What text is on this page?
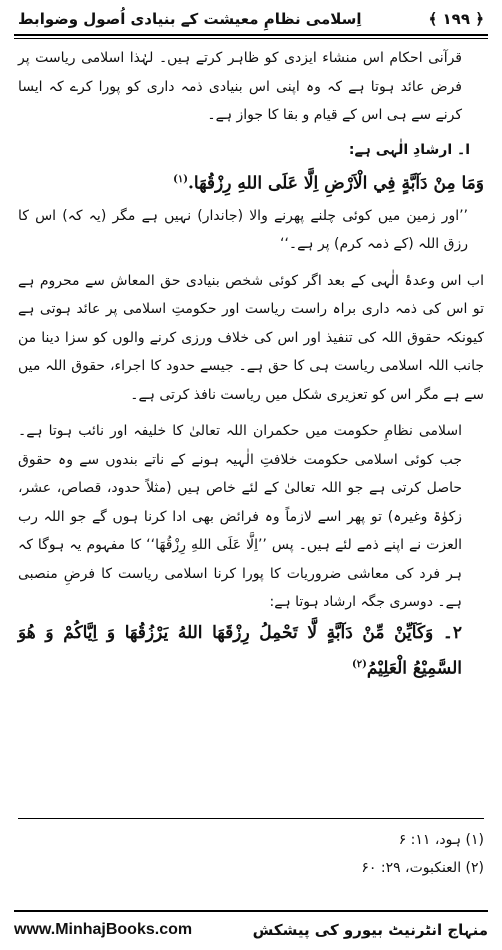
اِسلامی نظامِ معیشت کے بنیادی اُصول وضوابط	﴿ ۱۹۹ ﴾

قرآنی احکام اس منشاء ایزدی کو ظاہر کرتے ہیں۔ لہٰذا اسلامی ریاست پر فرض عائد ہوتا ہے کہ وہ اپنی اس بنیادی ذمہ داری کو پورا کرے کہ ایسا کرنے سے ہی اس کے قیام و بقا کا جواز ہے۔

ا۔ ارشادِ الٰہی ہے:

وَمَا مِنْ دَآبَّةٍ فِي الْاَرْضِ اِلَّا عَلَى اللهِ رِزْقُهَا.$^{(۱)}$

’’اور زمین میں کوئی چلنے پھرنے والا (جاندار) نہیں ہے مگر (یہ کہ) اس کا رزق اللہ (کے ذمہ کرم) پر ہے۔‘‘

اب اس وعدۂ الٰہی کے بعد اگر کوئی شخص بنیادی حق المعاش سے محروم ہے تو اس کی ذمہ داری براہ راست ریاست اور حکومتِ اسلامی پر عائد ہوتی ہے کیونکہ حقوق اللہ کی تنفیذ اور اس کی خلاف ورزی کرنے والوں کو سزا دینا من جانب اللہ اسلامی ریاست ہی کا حق ہے۔ جیسے حدود کا اجراء، حقوق اللہ میں سے ہے مگر اس کو تعزیری شکل میں ریاست نافذ کرتی ہے۔

اسلامی نظامِ حکومت میں حکمران اللہ تعالیٰ کا خلیفہ اور نائب ہوتا ہے۔ جب کوئی اسلامی حکومت خلافتِ الٰہیہ ہونے کے ناتے بندوں سے وہ حقوق حاصل کرتی ہے جو اللہ تعالیٰ کے لئے خاص ہیں (مثلاً حدود، قصاص، عشر، زکوٰۃ وغیرہ) تو پھر اسے لازماً وہ فرائض بھی ادا کرنا ہوں گے جو اللہ رب العزت نے اپنے ذمے لئے ہیں۔ پس ’’اِلَّا عَلَى اللهِ رِزْقُهَا‘‘ کا مفہوم یہ ہوگا کہ ہر فرد کی معاشی ضروریات کا پورا کرنا اسلامی ریاست کا فرضِ منصبی ہے۔ دوسری جگہ ارشاد ہوتا ہے:

۲۔ وَكَاَيِّنْ مِّنْ دَآبَّةٍ لَّا تَحْمِلُ رِزْقَهَا اللهُ يَرْزُقُهَا وَ اِيَّاكُمْ وَ هُوَ السَّمِيْعُ الْعَلِيْمُ$^{(۲)}$

(۱) ہود، ۱۱: ۶
(۲) العنکبوت، ۲۹: ۶۰
www.MinhajBooks.com	منہاج انٹرنیٹ بیورو کی پیشکش
